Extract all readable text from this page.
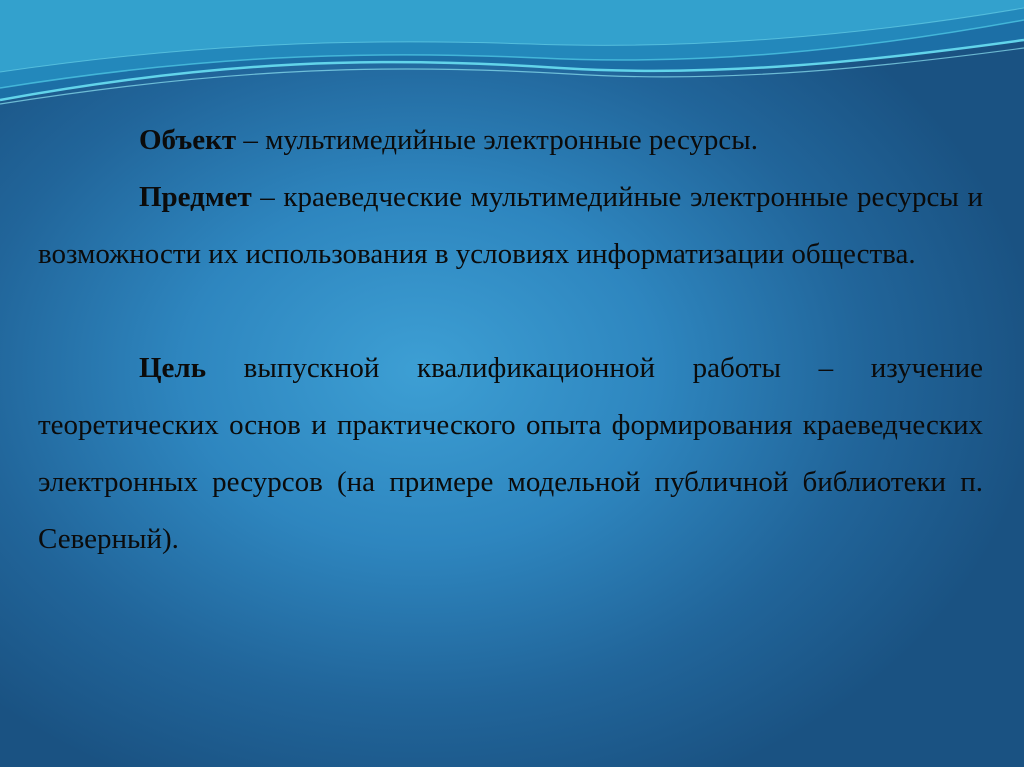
Объект – мультимедийные электронные ресурсы.

Предмет – краеведческие мультимедийные электронные ресурсы и возможности их использования в условиях информатизации общества.

Цель выпускной квалификационной работы – изучение теоретических основ и практического опыта формирования краеведческих электронных ресурсов (на примере модельной публичной библиотеки п. Северный).
